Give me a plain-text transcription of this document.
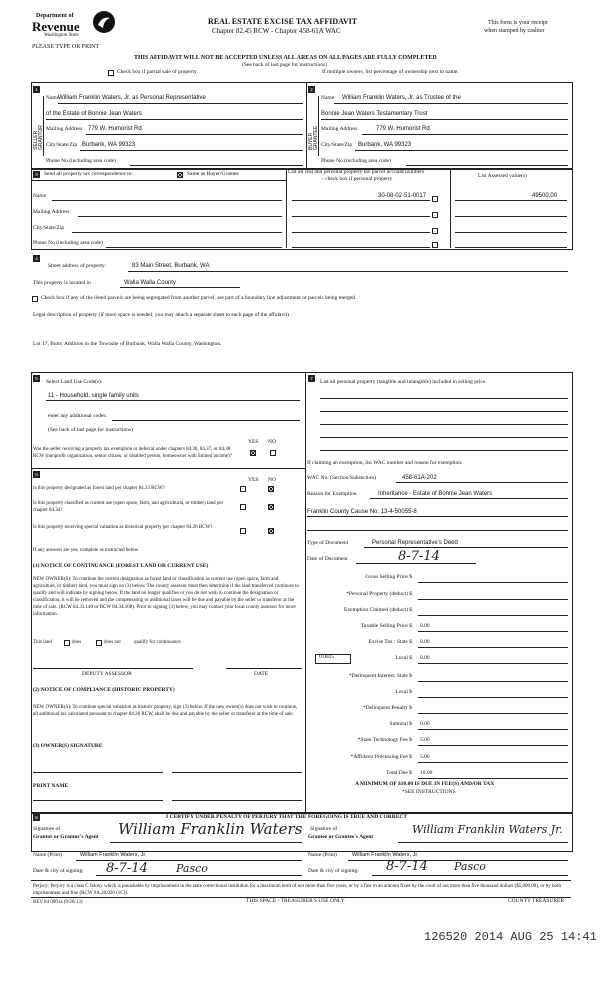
Department of
Revenue
Washington State
REAL ESTATE EXCISE TAX AFFIDAVIT
Chapter 82.45 RCW - Chapter 458-61A WAC
This form is your receipt
when stamped by cashier
PLEASE TYPE OR PRINT
THIS AFFIDAVIT WILL NOT BE ACCEPTED UNLESS ALL AREAS ON ALL PAGES ARE FULLY COMPLETED
(See back of last page for instructions)
Check box if partial sale of property	If multiple owners, list percentage of ownership next to name.
1	2
SELLER GRANTOR	BUYER GRANTEE
Name
William Franklin Waters, Jr. as Personal Representative
of the Estate of Bonnie Jean Waters
Mailing Address 779 W. Humorist Rd.
City/State/Zip Burbank, WA 99323
Phone No.(including area code)
Name William Franklin Waters, Jr. as Trustee of the
Bonnie Jean Waters Testamentary Trust
Mailing Address	779 W. Humorist Rd.
City/State/Zip Burbank, WA 99323
Phone No.(including area code)
3	Send all property tax correspondence to:	Same as Buyer/Grantee	List all real and personal property tax parcel account numbers
- check box if personal property	List Assessed value(s)
Name
Mailing Address
City/State/Zip
Phone No (including area code)
30-08-02-51-0017	49500.00
4
Street address of property:	83 Main Street, Burbank, WA
This property is located in	Walla Walla County
Check box if any of the listed parcels are being segregated from another parcel, are part of a boundary line adjustment or parcels being merged.
Legal description of property (if more space is needed, you may attach a separate sheet to each page of the affidavit)
Lot 17, Butts' Addition to the Townsite of Burbank, Walla Walla County, Washington.
5
Select Land Use Code(s):
11 - Household, single family units
enter any additional codes:
(See back of last page for instructions)
YES NO
Was the seller receiving a property tax exemption or deferral under chapters 84.36, 84.37, or 84.38 RCW (nonprofit organization, senior citizen, or disabled person, homeowner with limited income)?
6
YES NO
Is this property designated as forest land per chapter 84.33 RCW?
Is this property classified as current use (open space, farm, and agricultural, or timber) land per chapter 84.34?
Is this property receiving special valuation as historical property per chapter 84.26 RCW?
If any answers are yes, complete as instructed below.
(1) NOTICE OF CONTINUANCE (FOREST LAND OR CURRENT USE)
NEW OWNER(S): To continue the current designation as forest land or classification as current use (open space, farm and agriculture, or timber) land, you must sign on (3) below. The county assessor must then determine if the land transferred continues to qualify and will indicate by signing below. If the land no longer qualifies or you do not wish to continue the designation or classification, it will be removed and the compensating or additional taxes will be due and payable by the seller or transferor at the time of sale. (RCW 84.33.140 or RCW 84.34.108). Prior to signing (3) below, you may contact your local county assessor for more information.
This land	does	does not	qualify for continuance.
DEPUTY ASSESSOR	DATE
(2) NOTICE OF COMPLIANCE (HISTORIC PROPERTY)
NEW OWNER(S): To continue special valuation as historic property, sign (3) below. If the new owner(s) does not wish to continue, all additional tax calculated pursuant to chapter 84.26 RCW, shall be due and payable by the seller or transferor at the time of sale.
(3) OWNER(S) SIGNATURE
PRINT NAME
7
List all personal property (tangible and intangible) included in selling price.
If claiming an exemption, list WAC number and reason for exemption:
WAC No. (Section/Subsection)	458-61A-202
Reason for Exemption	Inheritance - Estate of Bonnie Jean Waters
Franklin County Cause No. 13-4-50055-8
Type of Document	Personal Representative's Deed
Date of Document	8-7-14
Gross Selling Price $
*Personal Property (deduct) $
Exemption Claimed (deduct) $
Taxable Selling Price $ 0.00
Excise Tax : State $ 0.00
Local $ 0.00
*Delinquent Interest: State $
Local $
*Delinquent Penalty $
Subtotal $ 0.00
*State Technology Fee $ 5.00
*Affidavit Processing Fee $ 5.00
Total Due $ 10.00
0.0025
A MINIMUM OF $10.00 IS DUE IN FEE(S) AND/OR TAX
*SEE INSTRUCTIONS
8	I CERTIFY UNDER PENALTY OF PERJURY THAT THE FOREGOING IS TRUE AND CORRECT
Signature of
Grantor or Grantor's Agent William Franklin Waters Signature of
Grantee or Grantee's Agent
William Franklin Waters Jr.
Name (Print)	William Franklin Waters, Jr.	Name (Print)	William Franklin Waters, Jr.
Date & city of signing: 8-7-14	Pasco	Date & city of signing: 8-7-14 Pasco
Perjury: Perjury is a class C felony which is punishable by imprisonment in the state correctional institution for a maximum term of not more than five years, or by a fine in an amount fixed by the court of not more than five thousand dollars ($5,000.00), or by both imprisonment and fine (RCW 9A.20.020 (1C)).
REV 84 0001a (9/26/13)	THIS SPACE - TREASURER'S USE ONLY	COUNTY TREASURER
126520 2014 AUG 25 14:41
